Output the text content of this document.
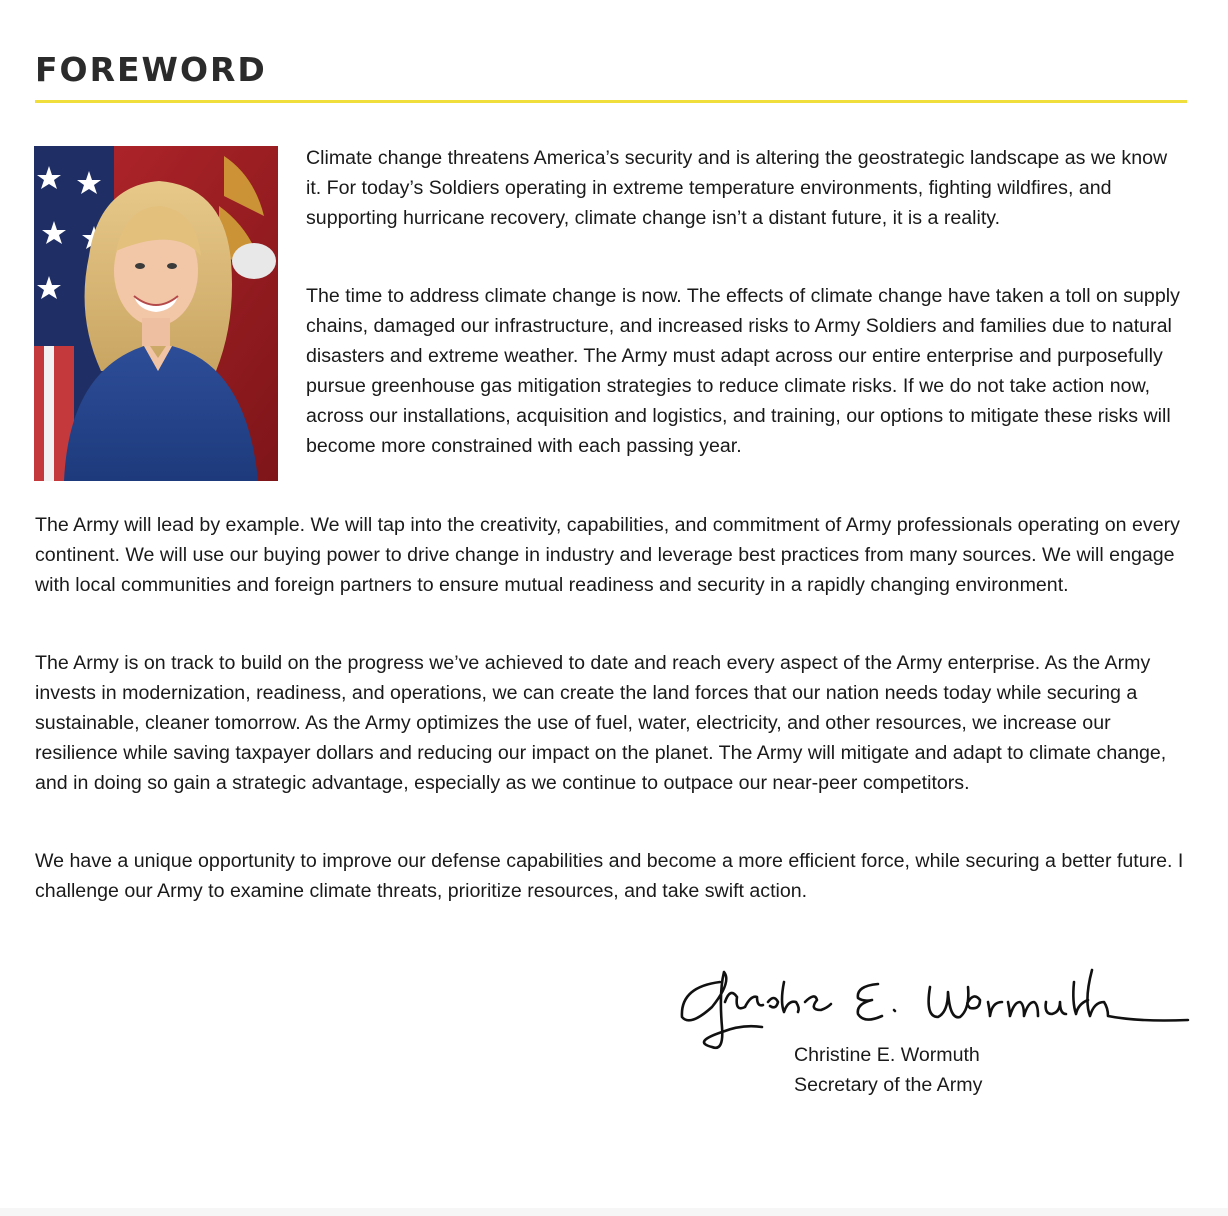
FOREWORD

Climate change threatens America’s security and is altering the geostrategic landscape as we know it. For today’s Soldiers operating in extreme temperature environments, fighting wildfires, and supporting hurricane recovery, climate change isn’t a distant future, it is a reality.

The time to address climate change is now. The effects of climate change have taken a toll on supply chains, damaged our infrastructure, and increased risks to Army Soldiers and families due to natural disasters and extreme weather. The Army must adapt across our entire enterprise and purposefully pursue greenhouse gas mitigation strategies to reduce climate risks. If we do not take action now, across our installations, acquisition and logistics, and training, our options to mitigate these risks will become more constrained with each passing year.

The Army will lead by example. We will tap into the creativity, capabilities, and commitment of Army professionals operating on every continent. We will use our buying power to drive change in industry and leverage best practices from many sources. We will engage with local communities and foreign partners to ensure mutual readiness and security in a rapidly changing environment.

The Army is on track to build on the progress we’ve achieved to date and reach every aspect of the Army enterprise. As the Army invests in modernization, readiness, and operations, we can create the land forces that our nation needs today while securing a sustainable, cleaner tomorrow. As the Army optimizes the use of fuel, water, electricity, and other resources, we increase our resilience while saving taxpayer dollars and reducing our impact on the planet. The Army will mitigate and adapt to climate change, and in doing so gain a strategic advantage, especially as we continue to outpace our near-peer competitors.

We have a unique opportunity to improve our defense capabilities and become a more efficient force, while securing a better future. I challenge our Army to examine climate threats, prioritize resources, and take swift action.

Christine E. Wormuth

Secretary of the Army
